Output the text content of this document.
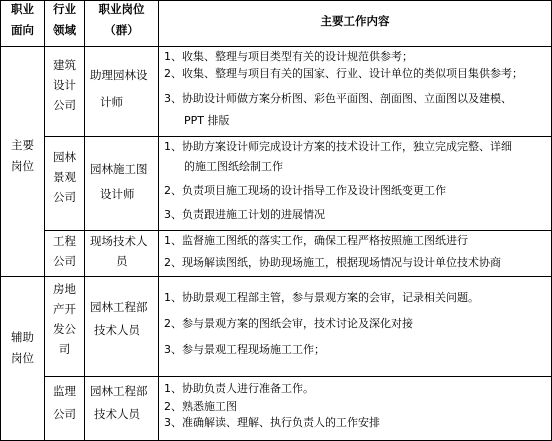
职业
面向
行业
领域
职业岗位
（群）
主要工作内容
主要
岗位
辅助
岗位
建筑
设计
公司
助理园林设
计师
1、收集、整理与项目类型有关的设计规范供参考；
2、收集、整理与项目有关的国家、行业、设计单位的类似项目集供参考；
3、协助设计师做方案分析图、彩色平面图、剖面图、立面图以及建模、
PPT 排版
园林
景观
公司
园林施工图
设计师
1、协助方案设计师完成设计方案的技术设计工作，独立完成完整、详细
的施工图纸绘制工作
2、负责项目施工现场的设计指导工作及设计图纸变更工作
3、负责跟进施工计划的进展情况
工程
公司
现场技术人
员
1、监督施工图纸的落实工作，确保工程严格按照施工图纸进行
2、现场解读图纸，协助现场施工，根据现场情况与设计单位技术协商
房地
产开
发公
司
园林工程部
技术人员
1、协助景观工程部主管，参与景观方案的会审，记录相关问题。
2、参与景观方案的图纸会审，技术讨论及深化对接
3、参与景观工程现场施工工作；
监理
公司
园林工程部
技术人员
1、协助负责人进行准备工作。
2、熟悉施工图
3、准确解读、理解、执行负责人的工作安排
